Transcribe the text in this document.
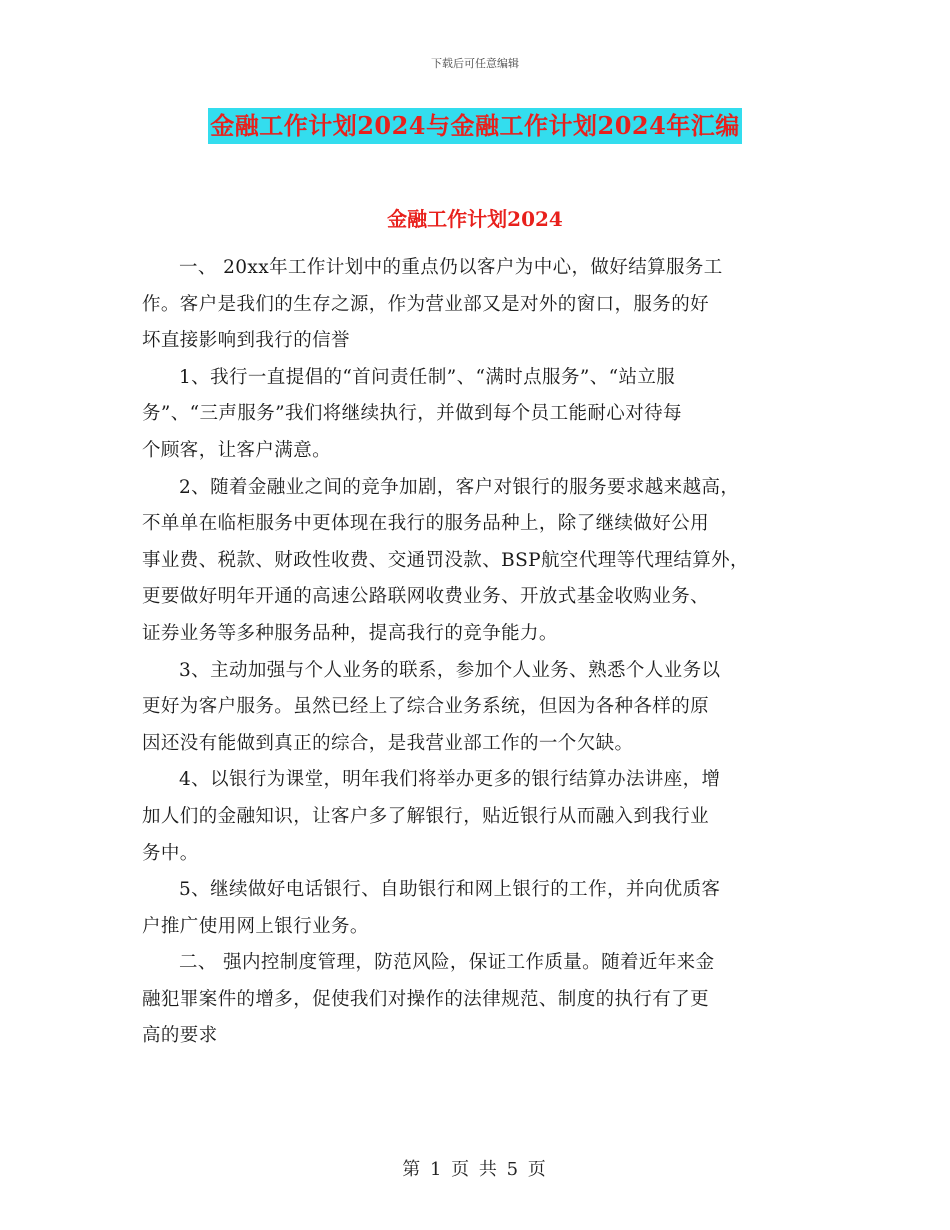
下载后可任意编辑
金融工作计划2024与金融工作计划2024年汇编
金融工作计划2024
一、 20xx年工作计划中的重点仍以客户为中心，做好结算服务工
作。客户是我们的生存之源，作为营业部又是对外的窗口，服务的好
坏直接影响到我行的信誉
1、我行一直提倡的“首问责任制”、“满时点服务”、“站立服
务”、“三声服务”我们将继续执行，并做到每个员工能耐心对待每
个顾客，让客户满意。
2、随着金融业之间的竞争加剧，客户对银行的服务要求越来越高，
不单单在临柜服务中更体现在我行的服务品种上，除了继续做好公用
事业费、税款、财政性收费、交通罚没款、BSP航空代理等代理结算外，
更要做好明年开通的高速公路联网收费业务、开放式基金收购业务、
证券业务等多种服务品种，提高我行的竞争能力。
3、主动加强与个人业务的联系，参加个人业务、熟悉个人业务以
更好为客户服务。虽然已经上了综合业务系统，但因为各种各样的原
因还没有能做到真正的综合，是我营业部工作的一个欠缺。
4、以银行为课堂，明年我们将举办更多的银行结算办法讲座，增
加人们的金融知识，让客户多了解银行，贴近银行从而融入到我行业
务中。
5、继续做好电话银行、自助银行和网上银行的工作，并向优质客
户推广使用网上银行业务。
二、 强内控制度管理，防范风险，保证工作质量。随着近年来金
融犯罪案件的增多，促使我们对操作的法律规范、制度的执行有了更
高的要求
第 1 页 共 5 页
